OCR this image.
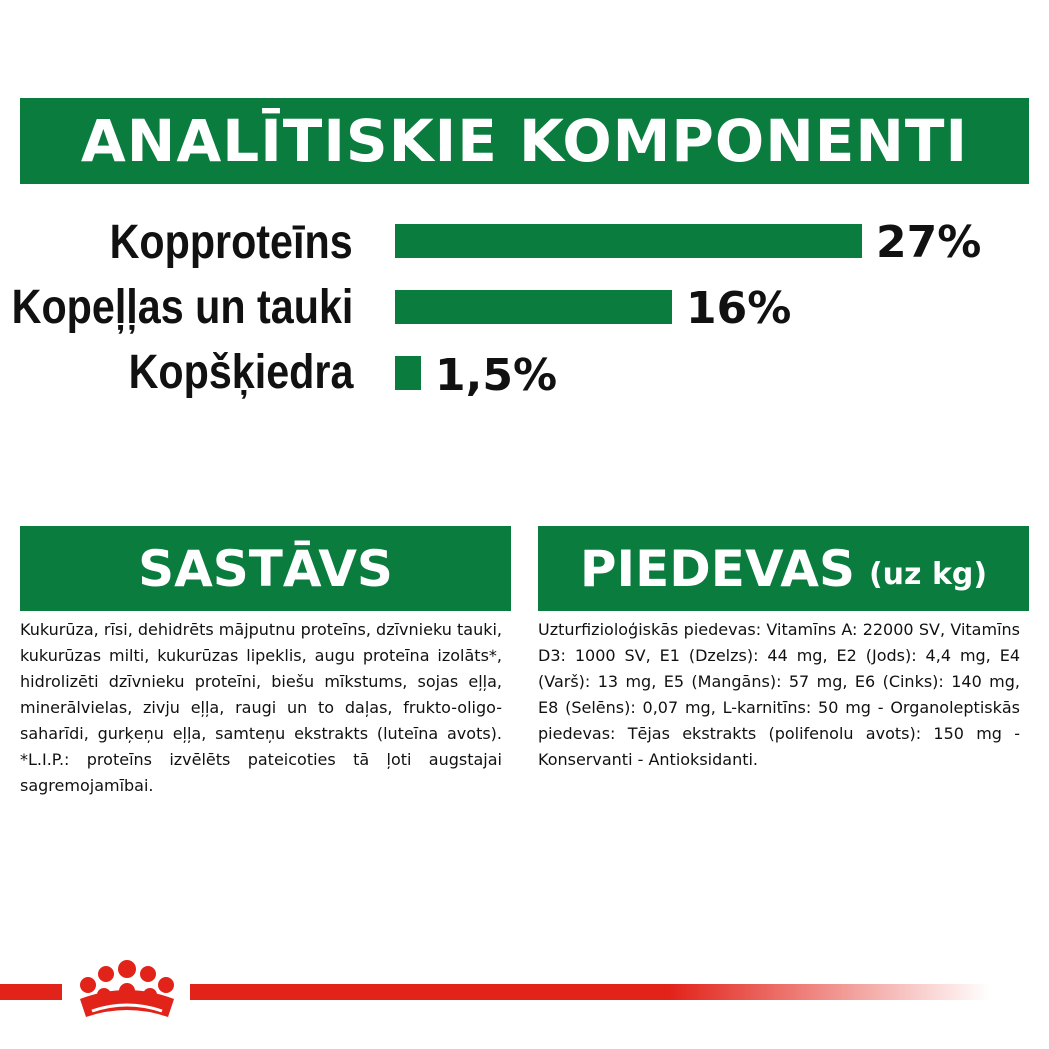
ANALĪTISKIE KOMPONENTI
Kopproteīns	27%
Kopeļļas un tauki	16%
Kopšķiedra 1,5%
SASTĀVS

Kukurūza, rīsi, dehidrēts mājputnu proteīns, dzīvnieku tauki, kukurūzas milti, kukurūzas lipeklis, augu proteīna izolāts*, hidrolizēti dzīvnieku proteīni, biešu mīkstums, sojas eļļa, minerālvielas, zivju eļļa, raugi un to daļas, frukto-oligo-saharīdi, gurķeņu eļļa, samteņu ekstrakts (luteīna avots). *L.I.P.: proteīns izvēlēts pateicoties tā ļoti augstajai sagremojamībai.

PIEDEVAS (uz kg)

Uzturfizioloģiskās piedevas: Vitamīns A: 22000 SV, Vitamīns D3: 1000 SV, E1 (Dzelzs): 44 mg, E2 (Jods): 4,4 mg, E4 (Varš): 13 mg, E5 (Mangāns): 57 mg, E6 (Cinks): 140 mg, E8 (Selēns): 0,07 mg, L-karnitīns: 50 mg - Organoleptiskās piedevas: Tējas ekstrakts (polifenolu avots): 150 mg - Konservanti - Antioksidanti.
